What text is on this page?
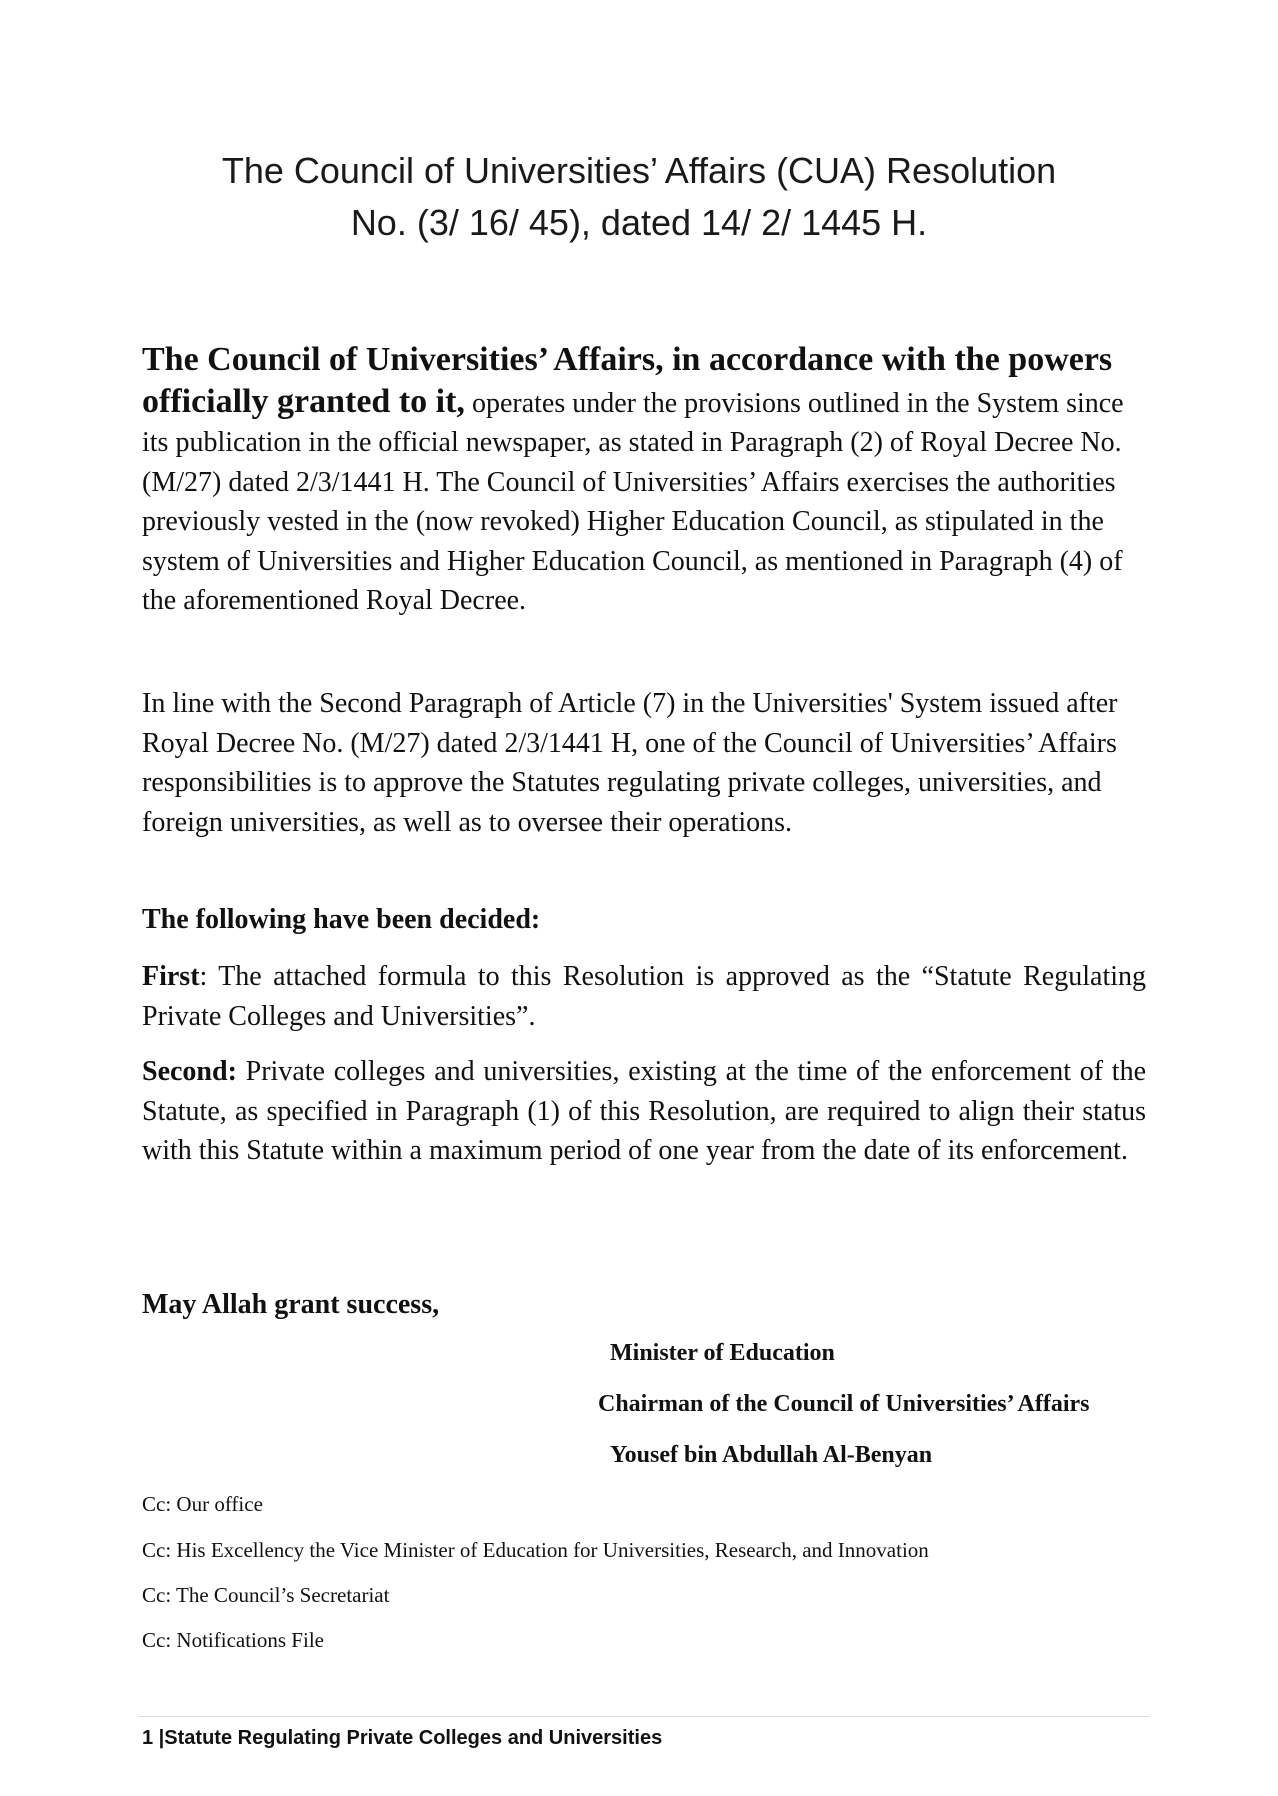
The Council of Universities’ Affairs (CUA) Resolution
No. (3/ 16/ 45), dated 14/ 2/ 1445 H.
The Council of Universities’ Affairs, in accordance with the powers officially granted to it, operates under the provisions outlined in the System since its publication in the official newspaper, as stated in Paragraph (2) of Royal Decree No. (M/27) dated 2/3/1441 H. The Council of Universities’ Affairs exercises the authorities previously vested in the (now revoked) Higher Education Council, as stipulated in the system of Universities and Higher Education Council, as mentioned in Paragraph (4) of the aforementioned Royal Decree.
In line with the Second Paragraph of Article (7) in the Universities' System issued after Royal Decree No. (M/27) dated 2/3/1441 H, one of the Council of Universities’ Affairs responsibilities is to approve the Statutes regulating private colleges, universities, and foreign universities, as well as to oversee their operations.
The following have been decided:
First: The attached formula to this Resolution is approved as the “Statute Regulating Private Colleges and Universities”.
Second: Private colleges and universities, existing at the time of the enforcement of the Statute, as specified in Paragraph (1) of this Resolution, are required to align their status with this Statute within a maximum period of one year from the date of its enforcement.
May Allah grant success,
Minister of Education
Chairman of the Council of Universities’ Affairs
Yousef bin Abdullah Al-Benyan
Cc: Our office
Cc: His Excellency the Vice Minister of Education for Universities, Research, and Innovation
Cc: The Council’s Secretariat
Cc: Notifications File
1 |Statute Regulating Private Colleges and Universities
